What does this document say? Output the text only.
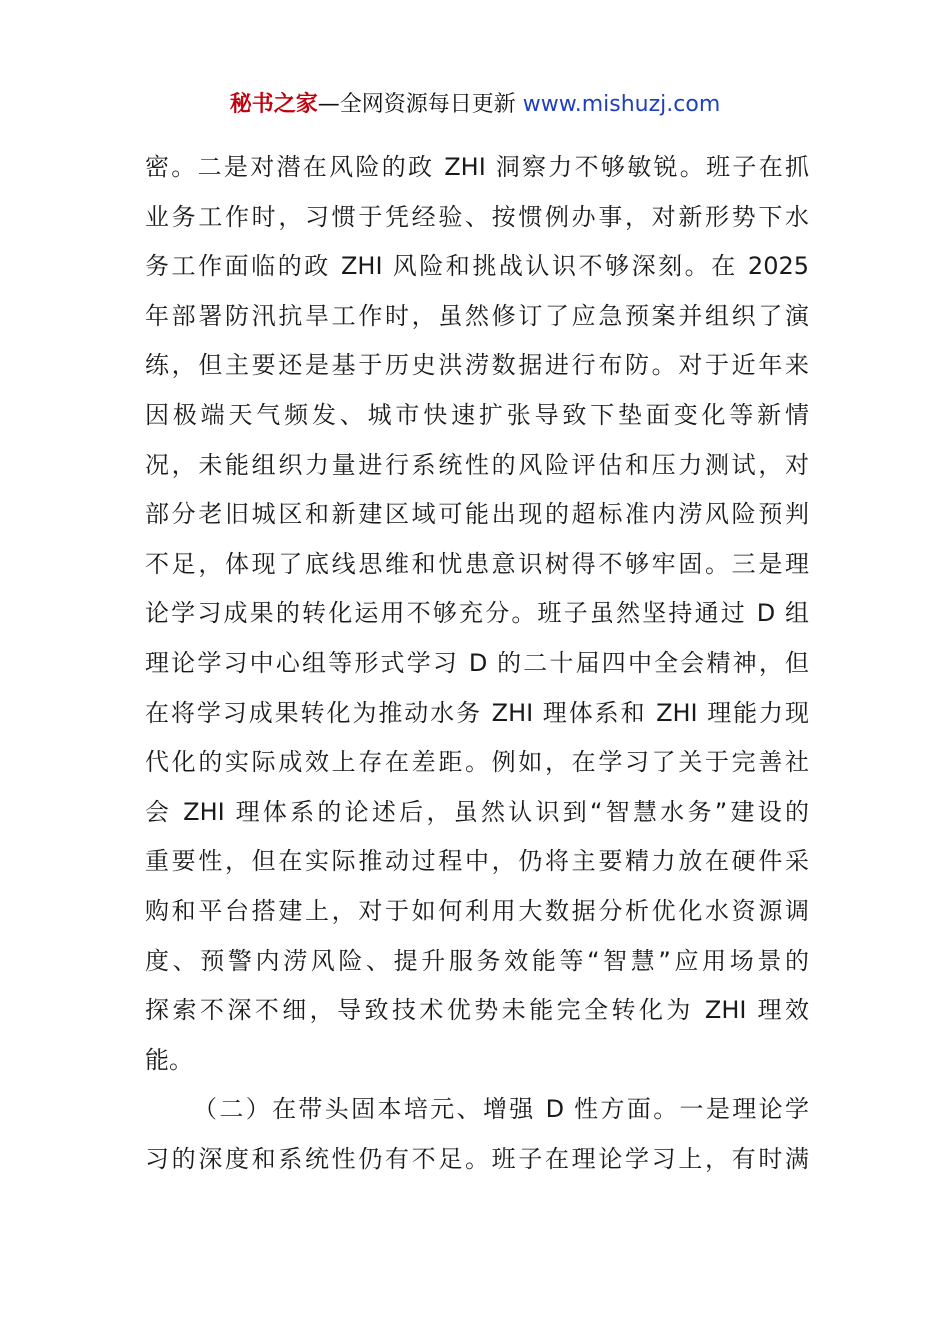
秘书之家—全网资源每日更新 www.mishuzj.com
密。二是对潜在风险的政 ZHI 洞察力不够敏锐。班子在抓
业务工作时，习惯于凭经验、按惯例办事，对新形势下水
务工作面临的政 ZHI 风险和挑战认识不够深刻。在 2025
年部署防汛抗旱工作时，虽然修订了应急预案并组织了演
练，但主要还是基于历史洪涝数据进行布防。对于近年来
因极端天气频发、城市快速扩张导致下垫面变化等新情
况，未能组织力量进行系统性的风险评估和压力测试，对
部分老旧城区和新建区域可能出现的超标准内涝风险预判
不足，体现了底线思维和忧患意识树得不够牢固。三是理
论学习成果的转化运用不够充分。班子虽然坚持通过 D 组
理论学习中心组等形式学习 D 的二十届四中全会精神，但
在将学习成果转化为推动水务 ZHI 理体系和 ZHI 理能力现
代化的实际成效上存在差距。例如，在学习了关于完善社
会 ZHI 理体系的论述后，虽然认识到“智慧水务”建设的
重要性，但在实际推动过程中，仍将主要精力放在硬件采
购和平台搭建上，对于如何利用大数据分析优化水资源调
度、预警内涝风险、提升服务效能等“智慧”应用场景的
探索不深不细，导致技术优势未能完全转化为 ZHI 理效
能。
（二）在带头固本培元、增强 D 性方面。一是理论学
习的深度和系统性仍有不足。班子在理论学习上，有时满
